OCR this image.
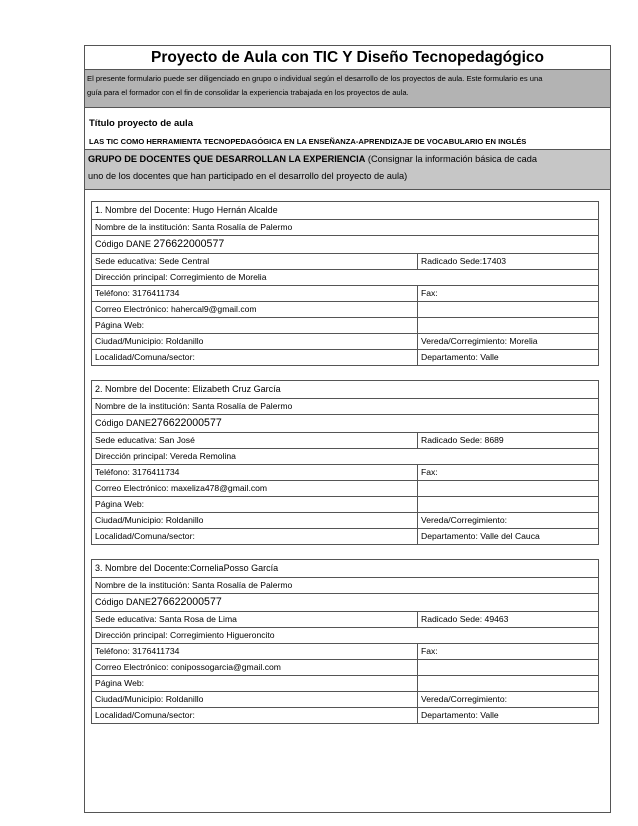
Proyecto de Aula con TIC Y Diseño Tecnopedagógico
El presente formulario puede ser diligenciado en grupo o individual según el desarrollo de los proyectos de aula. Este formulario es una
guía para el formador con el fin de consolidar la experiencia trabajada en los proyectos de aula.
Título proyecto de aula
LAS TIC COMO HERRAMIENTA TECNOPEDAGÓGICA EN LA ENSEÑANZA-APRENDIZAJE DE VOCABULARIO EN INGLÉS
GRUPO DE DOCENTES QUE DESARROLLAN LA EXPERIENCIA (Consignar la información básica de cada
uno de los docentes que han participado en el desarrollo del proyecto de aula)
1. Nombre del Docente: Hugo Hernán Alcalde	
Nombre de la institución: Santa Rosalía de Palermo	
Código DANE 276622000577	
Sede educativa: Sede Central	Radicado Sede:17403
Dirección principal: Corregimiento de Morelia	
Teléfono: 3176411734	Fax:
Correo Electrónico: hahercal9@gmail.com	
Página Web:	
Ciudad/Municipio: Roldanillo	Vereda/Corregimiento: Morelia
Localidad/Comuna/sector:	Departamento: Valle
2. Nombre del Docente: Elizabeth Cruz García	
Nombre de la institución: Santa Rosalía de Palermo	
Código DANE276622000577	
Sede educativa: San José	Radicado Sede: 8689
Dirección principal: Vereda Remolina	
Teléfono: 3176411734	Fax:
Correo Electrónico: maxeliza478@gmail.com	
Página Web:	
Ciudad/Municipio: Roldanillo	Vereda/Corregimiento:
Localidad/Comuna/sector:	Departamento: Valle del Cauca
3. Nombre del Docente:CorneliaPosso García	
Nombre de la institución: Santa Rosalía de Palermo	
Código DANE276622000577	
Sede educativa: Santa Rosa de Lima	Radicado Sede: 49463
Dirección principal: Corregimiento Higueroncito	
Teléfono: 3176411734	Fax:
Correo Electrónico: conipossogarcia@gmail.com	
Página Web:	
Ciudad/Municipio: Roldanillo	Vereda/Corregimiento:
Localidad/Comuna/sector:	Departamento: Valle
